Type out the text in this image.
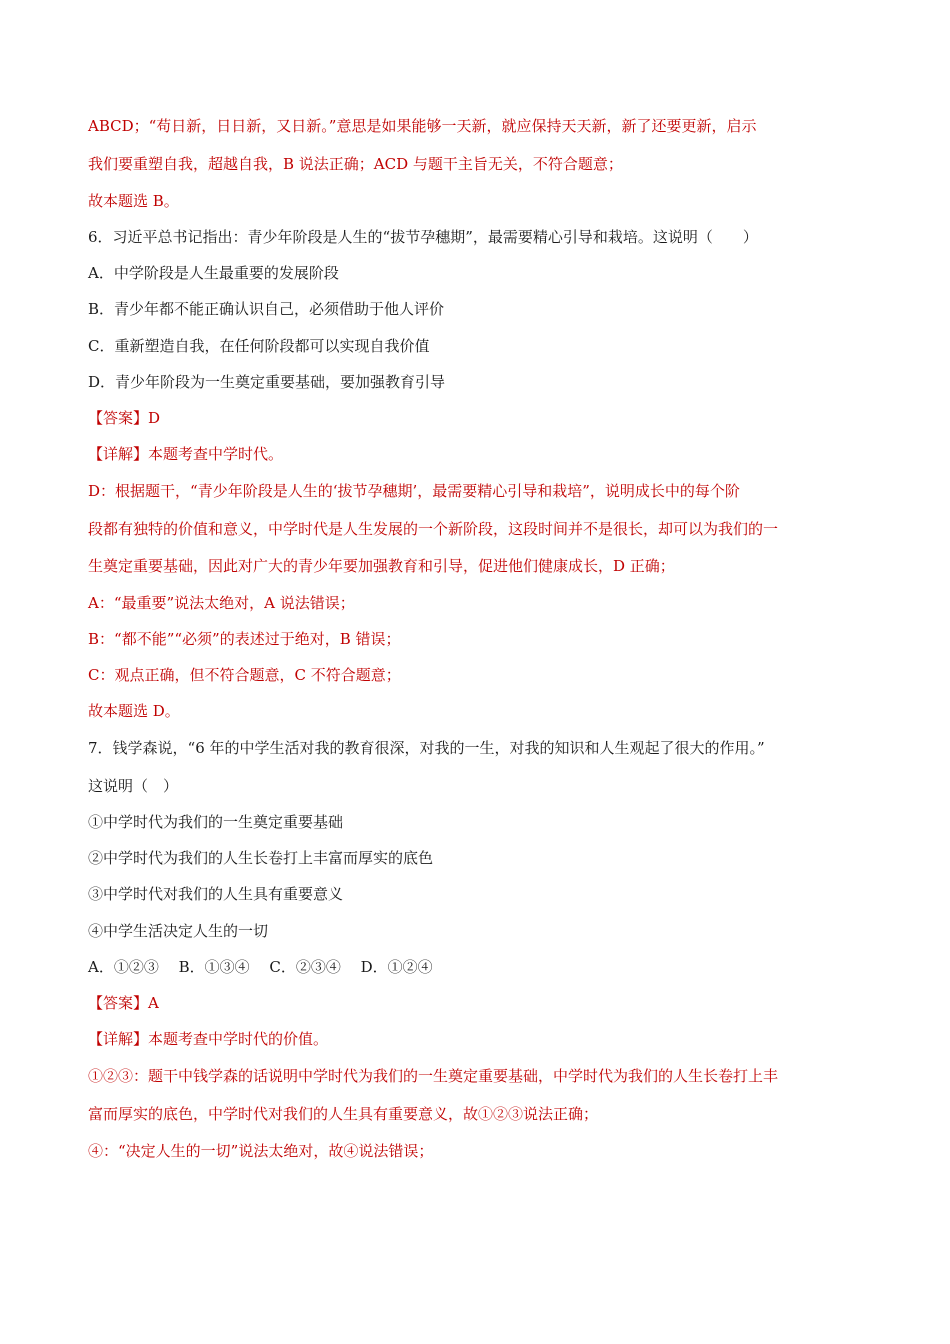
ABCD；“苟日新，日日新，又日新。”意思是如果能够一天新，就应保持天天新，新了还要更新，启示
我们要重塑自我，超越自我，B 说法正确；ACD 与题干主旨无关，不符合题意；
故本题选 B。
6．习近平总书记指出：青少年阶段是人生的“拔节孕穗期”，最需要精心引导和栽培。这说明（　　）
A．中学阶段是人生最重要的发展阶段
B．青少年都不能正确认识自己，必须借助于他人评价
C．重新塑造自我，在任何阶段都可以实现自我价值
D．青少年阶段为一生奠定重要基础，要加强教育引导
【答案】D
【详解】本题考查中学时代。
D：根据题干，“青少年阶段是人生的‘拔节孕穗期’，最需要精心引导和栽培”，说明成长中的每个阶
段都有独特的价值和意义，中学时代是人生发展的一个新阶段，这段时间并不是很长，却可以为我们的一
生奠定重要基础，因此对广大的青少年要加强教育和引导，促进他们健康成长，D 正确；
A：“最重要”说法太绝对，A 说法错误；
B：“都不能”“必须”的表述过于绝对，B 错误；
C：观点正确，但不符合题意，C 不符合题意；
故本题选 D。
7．钱学森说，“6 年的中学生活对我的教育很深，对我的一生，对我的知识和人生观起了很大的作用。”
这说明（　）
①中学时代为我们的一生奠定重要基础
②中学时代为我们的人生长卷打上丰富而厚实的底色
③中学时代对我们的人生具有重要意义
④中学生活决定人生的一切
A．①②③　 B．①③④　 C．②③④　 D．①②④
【答案】A
【详解】本题考查中学时代的价值。
①②③：题干中钱学森的话说明中学时代为我们的一生奠定重要基础，中学时代为我们的人生长卷打上丰
富而厚实的底色，中学时代对我们的人生具有重要意义，故①②③说法正确；
④：“决定人生的一切”说法太绝对，故④说法错误；
